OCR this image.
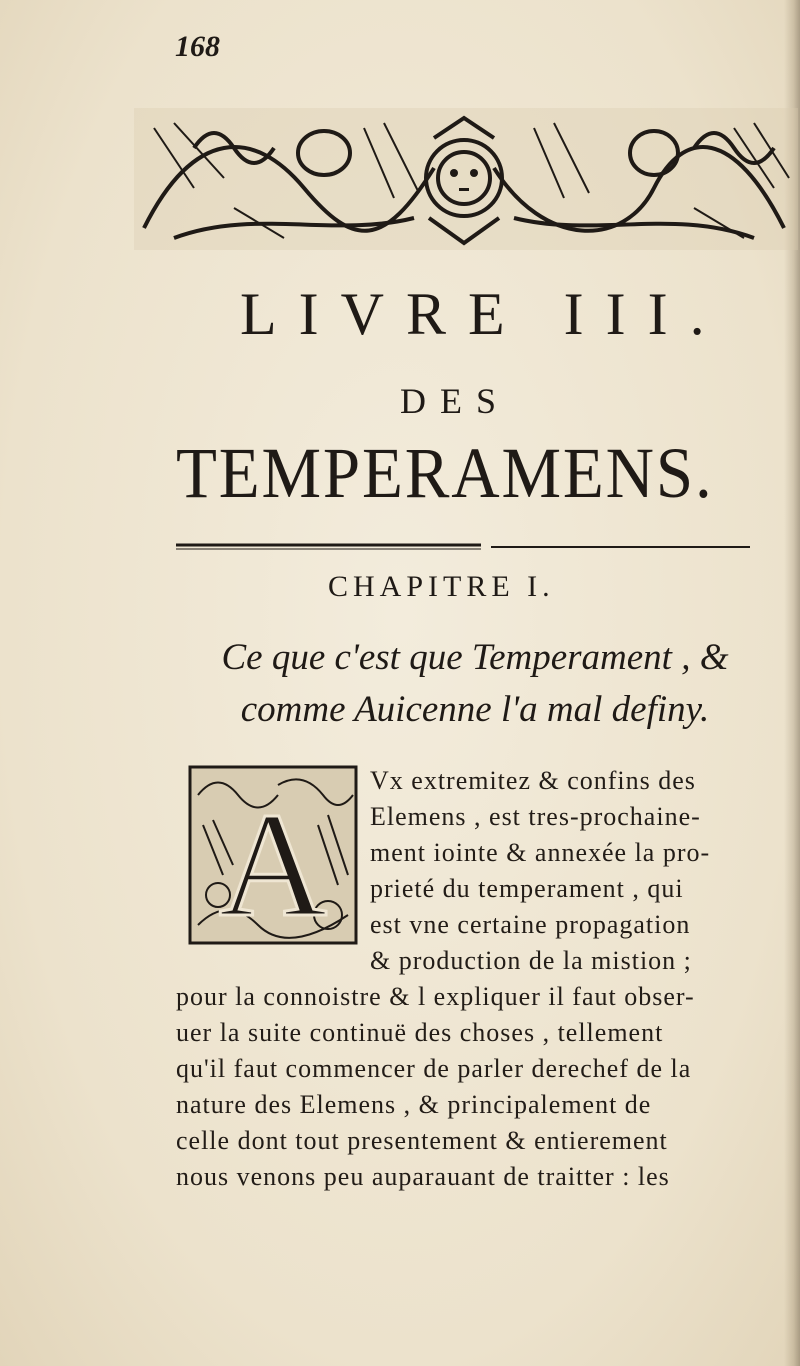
168
LIVRE III.
DES
TEMPERAMENS.
CHAPITRE I.
Ce que c'est que Temperament , &
comme Auicenne l'a mal definy.
A
Vx extremitez & confins des
Elemens , est tres-prochaine-
ment iointe & annexée la pro-
prieté du temperament , qui
est vne certaine propagation
& production de la mistion ;
pour la connoistre & l expliquer il faut obser-
uer la suite continuë des choses , tellement
qu'il faut commencer de parler derechef de la
nature des Elemens , & principalement de
celle dont tout presentement & entierement
nous venons peu auparauant de traitter : les
